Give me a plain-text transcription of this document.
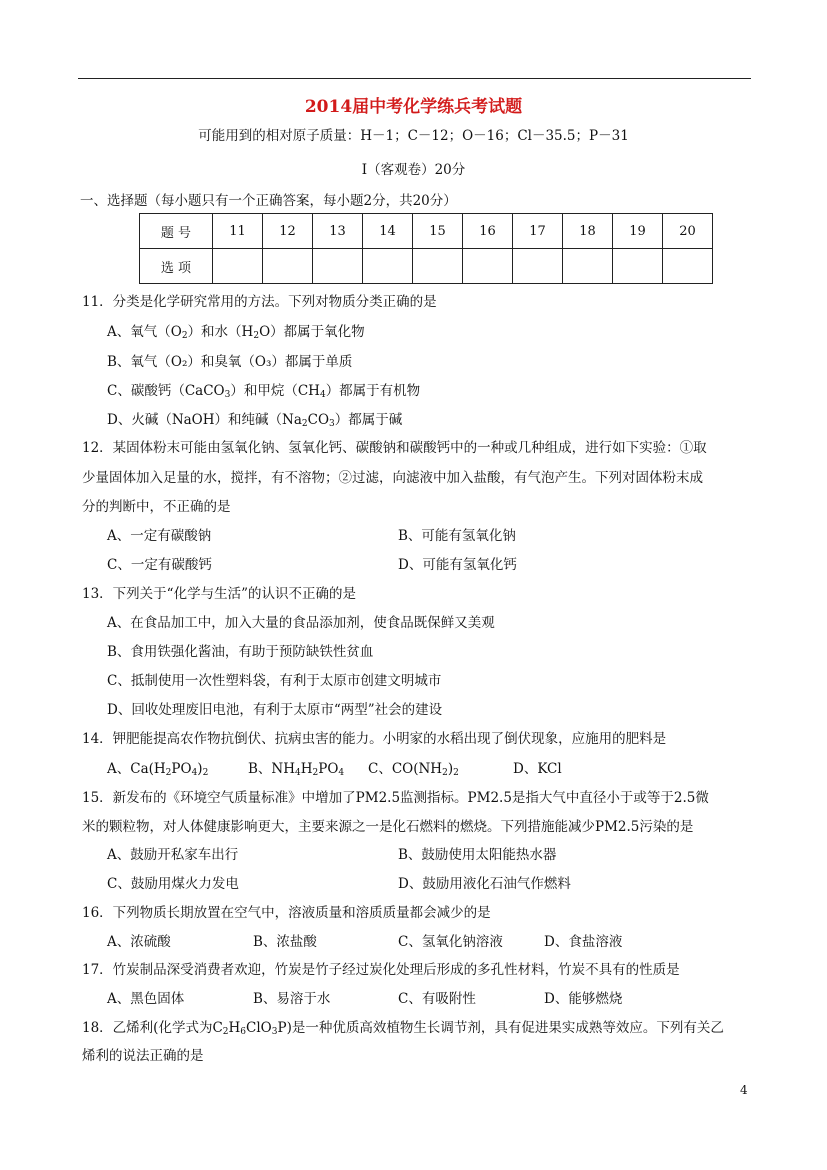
2014届中考化学练兵考试题
可能用到的相对原子质量：H－1；C－12；O－16；Cl－35.5；P－31
Ⅰ（客观卷）20分
一、选择题（每小题只有一个正确答案，每小题2分，共20分）
题 号	11	12	13	14	15	16	17	18	19	20
选 项										
11．分类是化学研究常用的方法。下列对物质分类正确的是
A、氧气$(O_2)$和水$(H_2O)$都属于氧化物
B、氧气（O₂）和臭氧（O₃）都属于单质
C、碳酸钙（CaCO$_3$）和甲烷$(CH_4)$都属于有机物
D、火碱（NaOH）和纯碱$(Na_2CO_3)$都属于碱
12．某固体粉末可能由氢氧化钠、氢氧化钙、碳酸钠和碳酸钙中的一种或几种组成，进行如下实验：①取
少量固体加入足量的水，搅拌，有不溶物；②过滤，向滤液中加入盐酸，有气泡产生。下列对固体粉末成
分的判断中，不正确的是
A、一定有碳酸钠	B、可能有氢氧化钠
C、一定有碳酸钙	D、可能有氢氧化钙
13．下列关于“化学与生活”的认识不正确的是
A、在食品加工中，加入大量的食品添加剂，使食品既保鲜又美观
B、食用铁强化酱油，有助于预防缺铁性贫血
C、抵制使用一次性塑料袋，有利于太原市创建文明城市
D、回收处理废旧电池，有利于太原市“两型”社会的建设
14．钾肥能提高农作物抗倒伏、抗病虫害的能力。小明家的水稻出现了倒伏现象，应施用的肥料是
A、$Ca(H_2PO_4)_2$	B、$NH_4H_2PO_4$ C、$CO(NH_2)_2$	D、KCl
15．新发布的《环境空气质量标准》中增加了PM2.5监测指标。PM2.5是指大气中直径小于或等于2.5微
米的颗粒物，对人体健康影响更大，主要来源之一是化石燃料的燃烧。下列措施能减少PM2.5污染的是
A、鼓励开私家车出行	B、鼓励使用太阳能热水器
C、鼓励用煤火力发电	D、鼓励用液化石油气作燃料
16．下列物质长期放置在空气中，溶液质量和溶质质量都会减少的是
A、浓硫酸	B、浓盐酸	C、氢氧化钠溶液	D、食盐溶液
17．竹炭制品深受消费者欢迎，竹炭是竹子经过炭化处理后形成的多孔性材料，竹炭不具有的性质是
A、黑色固体	B、易溶于水	C、有吸附性	D、能够燃烧
18．乙烯利(化学式为$C_2H_6ClO_3P$)是一种优质高效植物生长调节剂，具有促进果实成熟等效应。下列有关乙
烯利的说法正确的是
4
